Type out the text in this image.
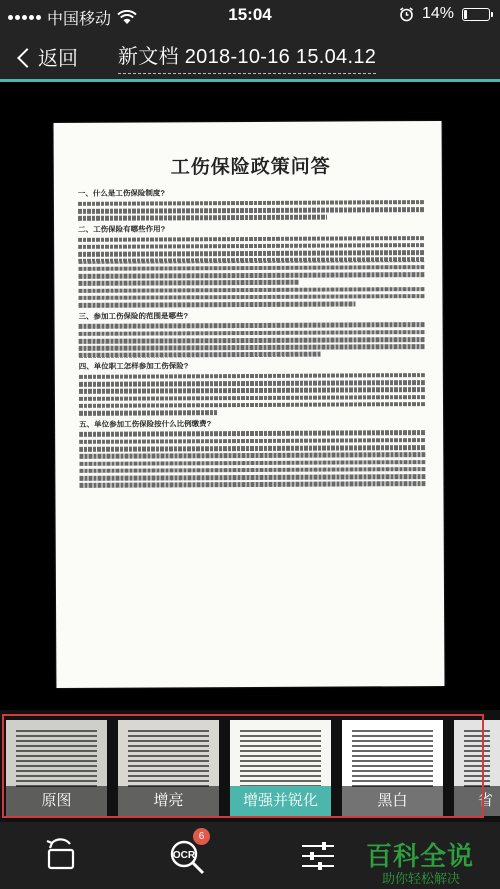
中国移动	15:04	14%
返回 新文档 2018-10-16 15.04.12
工伤保险政策问答
一、什么是工伤保险制度?
二、工伤保险有哪些作用?
三、参加工伤保险的范围是哪些?
四、单位职工怎样参加工伤保险?
五、单位参加工伤保险按什么比例缴费?
原图	增亮	增强并锐化	黑白	省
OCR
6
百科全说
助你轻松解决
